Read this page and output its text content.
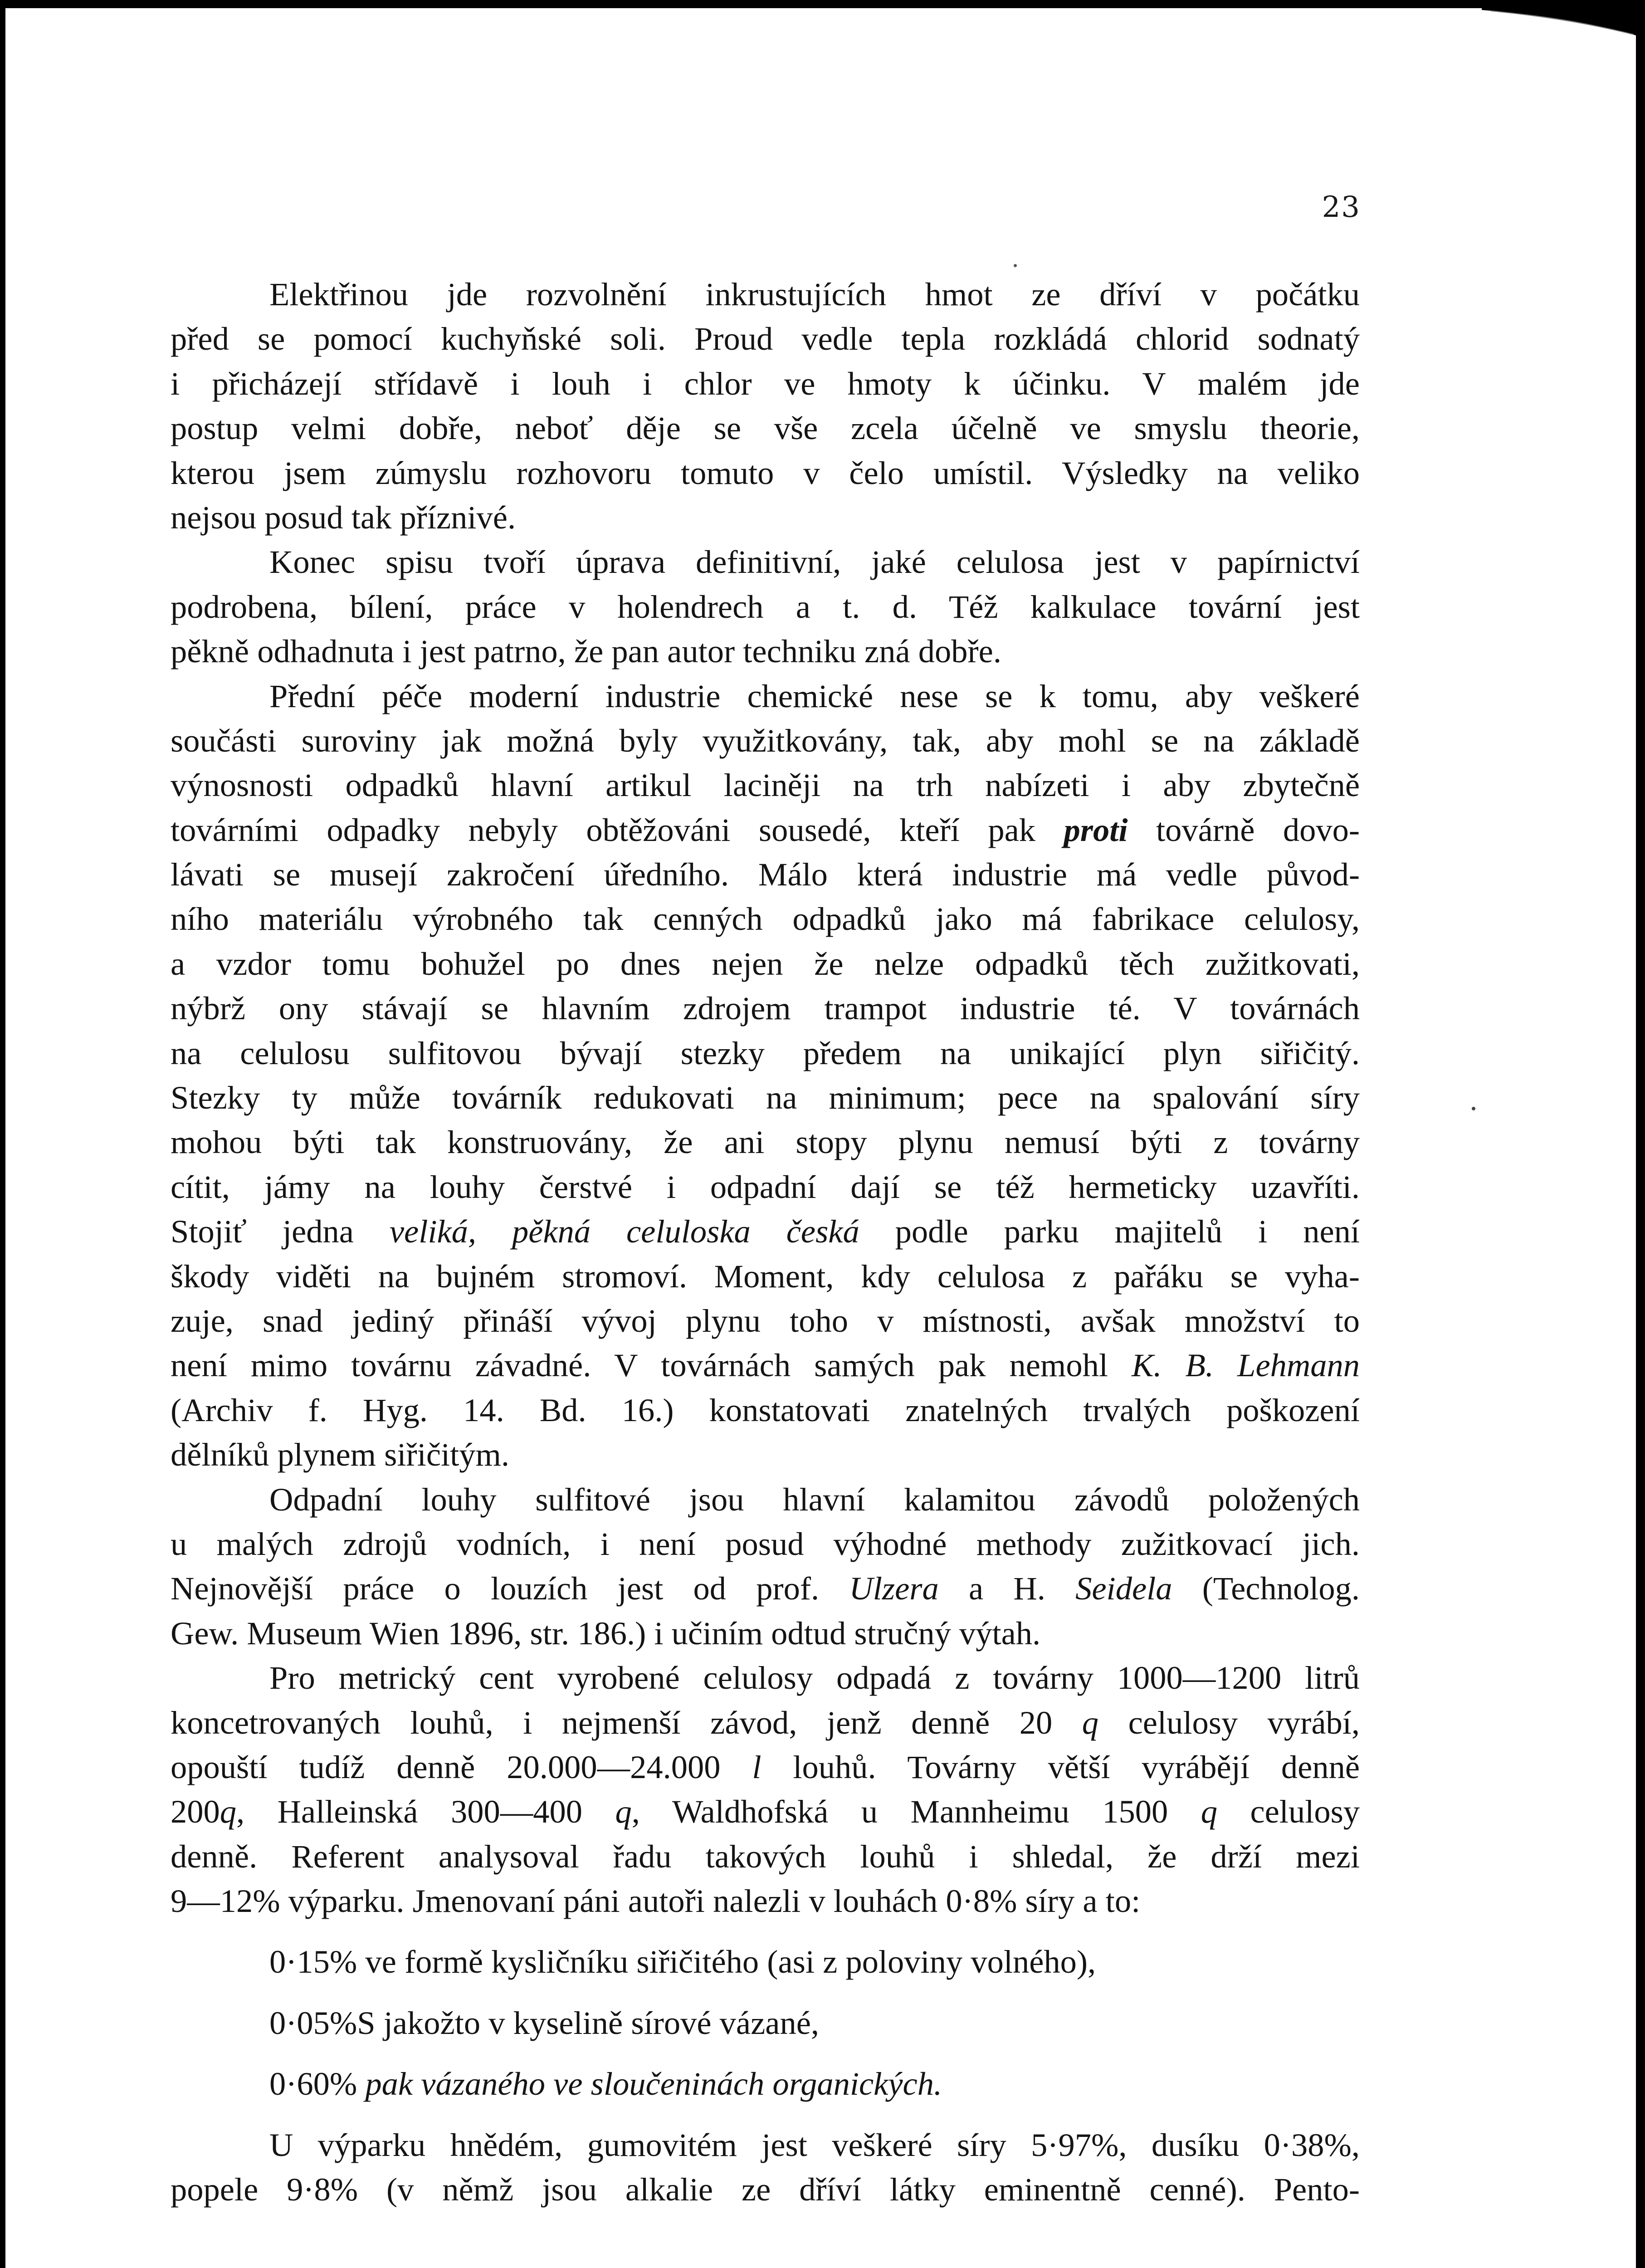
23
Elektřinou jde rozvolnění inkrustujících hmot ze dříví v počátku
před se pomocí kuchyňské soli. Proud vedle tepla rozkládá chlorid sodnatý
i přicházejí střídavě i louh i chlor ve hmoty k účinku. V malém jde
postup velmi dobře, neboť děje se vše zcela účelně ve smyslu theorie,
kterou jsem zúmyslu rozhovoru tomuto v čelo umístil. Výsledky na veliko
nejsou posud tak příznivé.
Konec spisu tvoří úprava definitivní, jaké celulosa jest v papírnictví
podrobena, bílení, práce v holendrech a t. d. Též kalkulace tovární jest
pěkně odhadnuta i jest patrno, že pan autor techniku zná dobře.
Přední péče moderní industrie chemické nese se k tomu, aby veškeré
součásti suroviny jak možná byly využitkovány, tak, aby mohl se na základě
výnosnosti odpadků hlavní artikul laciněji na trh nabízeti i aby zbytečně
továrními odpadky nebyly obtěžováni sousedé, kteří pak proti továrně dovo-
lávati se musejí zakročení úředního. Málo která industrie má vedle původ-
ního materiálu výrobného tak cenných odpadků jako má fabrikace celulosy,
a vzdor tomu bohužel po dnes nejen že nelze odpadků těch zužitkovati,
nýbrž ony stávají se hlavním zdrojem trampot industrie té. V továrnách
na celulosu sulfitovou bývají stezky předem na unikající plyn siřičitý.
Stezky ty může továrník redukovati na minimum; pece na spalování síry
mohou býti tak konstruovány, že ani stopy plynu nemusí býti z továrny
cítit, jámy na louhy čerstvé i odpadní dají se též hermeticky uzavříti.
Stojiť jedna veliká, pěkná celuloska česká podle parku majitelů i není
škody viděti na bujném stromoví. Moment, kdy celulosa z pařáku se vyha-
zuje, snad jediný přináší vývoj plynu toho v místnosti, avšak množství to
není mimo továrnu závadné. V továrnách samých pak nemohl K. B. Lehmann
(Archiv f. Hyg. 14. Bd. 16.) konstatovati znatelných trvalých poškození
dělníků plynem siřičitým.
Odpadní louhy sulfitové jsou hlavní kalamitou závodů položených
u malých zdrojů vodních, i není posud výhodné methody zužitkovací jich.
Nejnovější práce o louzích jest od prof. Ulzera a H. Seidela (Technolog.
Gew. Museum Wien 1896, str. 186.) i učiním odtud stručný výtah.
Pro metrický cent vyrobené celulosy odpadá z továrny 1000—1200 litrů
koncetrovaných louhů, i nejmenší závod, jenž denně 20 q celulosy vyrábí,
opouští tudíž denně 20.000—24.000 l louhů. Továrny větší vyrábějí denně
200q, Halleinská 300—400 q, Waldhofská u Mannheimu 1500 q celulosy
denně. Referent analysoval řadu takových louhů i shledal, že drží mezi
9—12% výparku. Jmenovaní páni autoři nalezli v louhách 0·8% síry a to:
0·15% ve formě kysličníku siřičitého (asi z poloviny volného),
0·05%S jakožto v kyselině sírové vázané,
0·60% pak vázaného ve sloučeninách organických.
U výparku hnědém, gumovitém jest veškeré síry 5·97%, dusíku 0·38%,
popele 9·8% (v němž jsou alkalie ze dříví látky eminentně cenné). Pento-
